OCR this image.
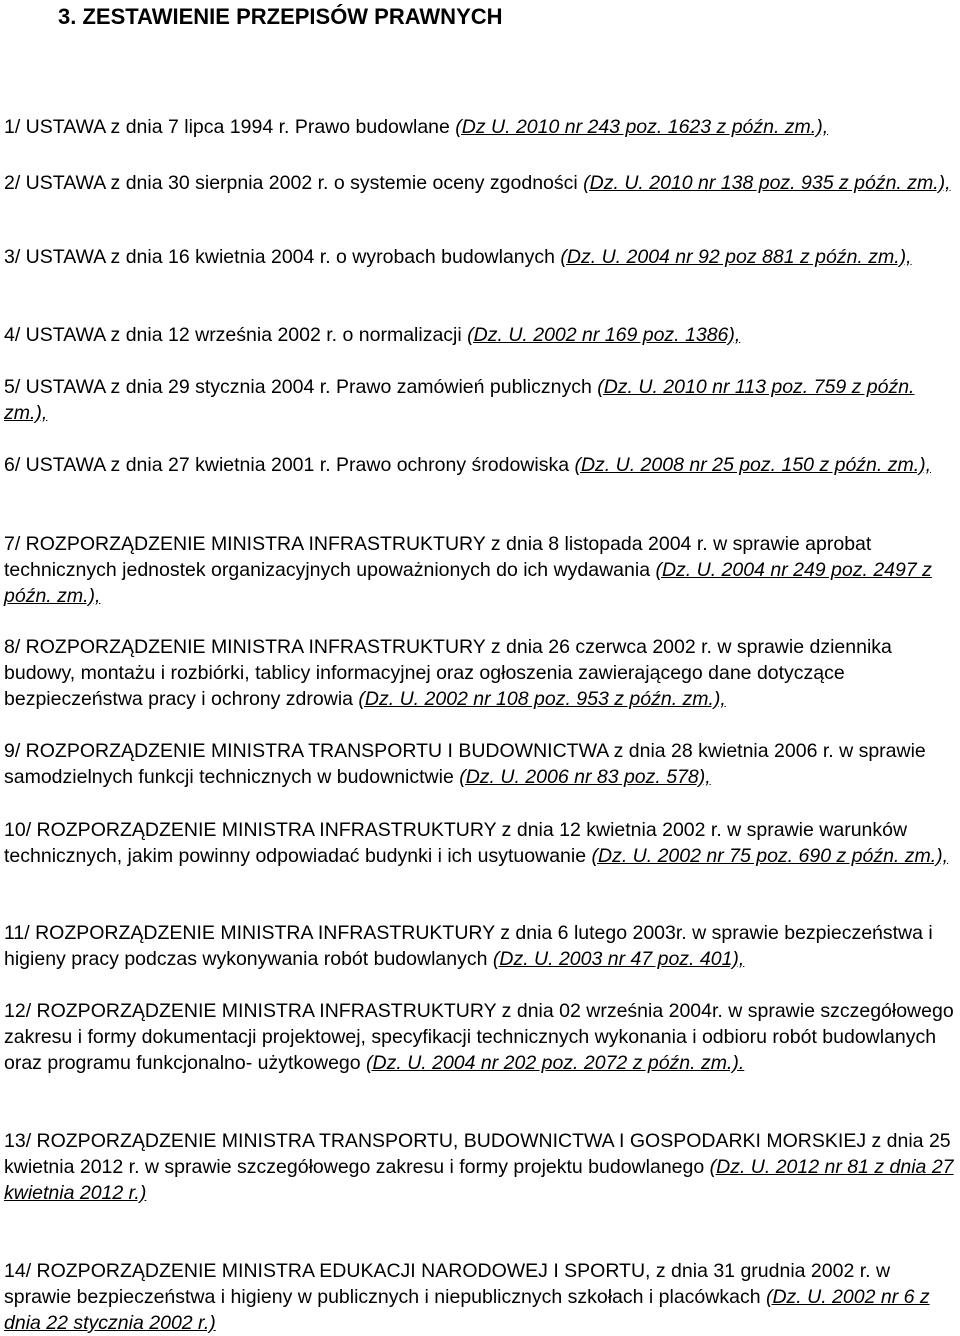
3. ZESTAWIENIE PRZEPISÓW PRAWNYCH

1/ USTAWA z dnia 7 lipca 1994 r. Prawo budowlane (Dz U. 2010 nr 243 poz. 1623 z późn. zm.),

2/ USTAWA z dnia 30 sierpnia 2002 r. o systemie oceny zgodności (Dz. U. 2010 nr 138 poz. 935 z późn. zm.),

3/ USTAWA z dnia 16 kwietnia 2004 r. o wyrobach budowlanych (Dz. U. 2004 nr 92 poz 881 z późn. zm.),

4/ USTAWA z dnia 12 września 2002 r. o normalizacji (Dz. U. 2002 nr 169 poz. 1386),

5/ USTAWA z dnia 29 stycznia 2004 r. Prawo zamówień publicznych (Dz. U. 2010 nr 113 poz. 759 z późn. zm.),

6/ USTAWA z dnia 27 kwietnia 2001 r. Prawo ochrony środowiska (Dz. U. 2008 nr 25 poz. 150 z późn. zm.),

7/ ROZPORZĄDZENIE MINISTRA INFRASTRUKTURY z dnia 8 listopada 2004 r. w sprawie aprobat technicznych jednostek organizacyjnych upoważnionych do ich wydawania (Dz. U. 2004 nr 249 poz. 2497 z późn. zm.),

8/ ROZPORZĄDZENIE MINISTRA INFRASTRUKTURY z dnia 26 czerwca 2002 r. w sprawie dziennika budowy, montażu i rozbiórki, tablicy informacyjnej oraz ogłoszenia zawierającego dane dotyczące bezpieczeństwa pracy i ochrony zdrowia (Dz. U. 2002 nr 108 poz. 953 z późn. zm.),

9/ ROZPORZĄDZENIE MINISTRA TRANSPORTU I BUDOWNICTWA z dnia 28 kwietnia 2006 r. w sprawie samodzielnych funkcji technicznych w budownictwie (Dz. U. 2006 nr 83 poz. 578),

10/ ROZPORZĄDZENIE MINISTRA INFRASTRUKTURY z dnia 12 kwietnia 2002 r. w sprawie warunków technicznych, jakim powinny odpowiadać budynki i ich usytuowanie (Dz. U. 2002 nr 75 poz. 690 z późn. zm.),

11/ ROZPORZĄDZENIE MINISTRA INFRASTRUKTURY z dnia 6 lutego 2003r. w sprawie bezpieczeństwa i higieny pracy podczas wykonywania robót budowlanych (Dz. U. 2003 nr 47 poz. 401),

12/ ROZPORZĄDZENIE MINISTRA INFRASTRUKTURY z dnia 02 września 2004r. w sprawie szczegółowego zakresu i formy dokumentacji projektowej, specyfikacji technicznych wykonania i odbioru robót budowlanych oraz programu funkcjonalno- użytkowego (Dz. U. 2004 nr 202 poz. 2072 z późn. zm.).

13/ ROZPORZĄDZENIE MINISTRA TRANSPORTU, BUDOWNICTWA I GOSPODARKI MORSKIEJ z dnia 25 kwietnia 2012 r. w sprawie szczegółowego zakresu i formy projektu budowlanego (Dz. U. 2012 nr 81 z dnia 27 kwietnia 2012 r.)

14/ ROZPORZĄDZENIE MINISTRA EDUKACJI NARODOWEJ I SPORTU, z dnia 31 grudnia 2002 r. w sprawie bezpieczeństwa i higieny w publicznych i niepublicznych szkołach i placówkach (Dz. U. 2002 nr 6 z dnia 22 stycznia 2002 r.)
